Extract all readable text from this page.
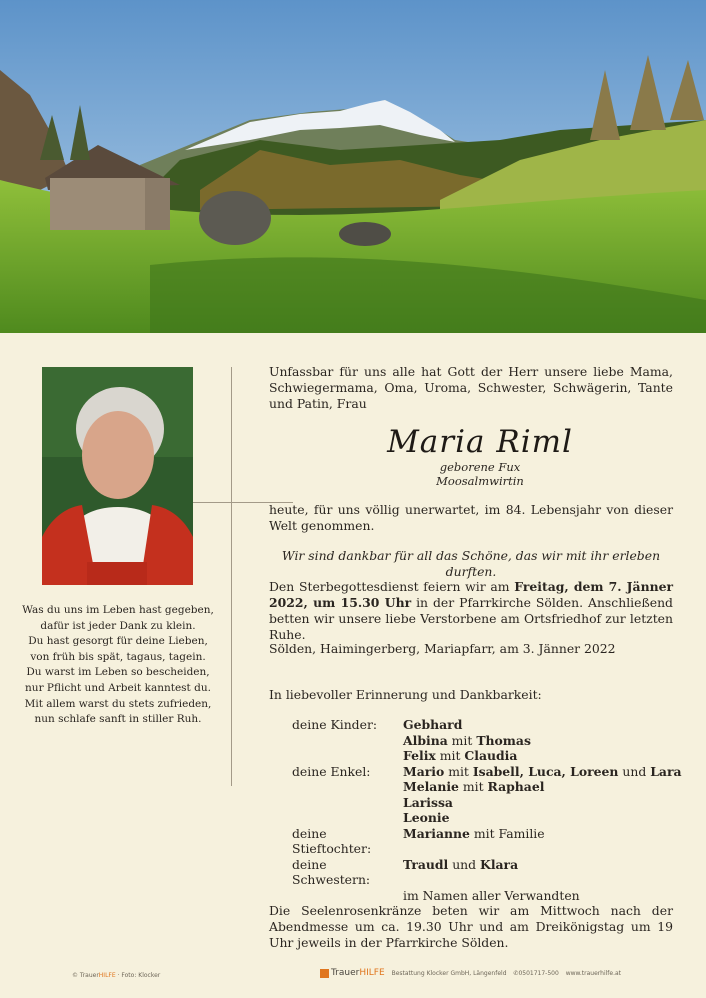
Was du uns im Leben hast gegeben,
dafür ist jeder Dank zu klein.
Du hast gesorgt für deine Lieben,
von früh bis spät, tagaus, tagein.
Du warst im Leben so bescheiden,
nur Pflicht und Arbeit kanntest du.
Mit allem warst du stets zufrieden,
nun schlafe sanft in stiller Ruh.
Unfassbar für uns alle hat Gott der Herr unsere liebe Mama, Schwiegermama, Oma, Uroma, Schwester, Schwägerin, Tante und Patin, Frau
Maria Riml
geborene Fux
Moosalmwirtin
heute, für uns völlig unerwartet, im 84. Lebensjahr von dieser Welt genommen.
Wir sind dankbar für all das Schöne, das wir mit ihr erleben durften.
Den Sterbegottesdienst feiern wir am Freitag, dem 7. Jänner 2022, um 15.30 Uhr in der Pfarrkirche Sölden. Anschließend betten wir unsere liebe Verstorbene am Ortsfriedhof zur letzten Ruhe.
Sölden, Haimingerberg, Mariapfarr, am 3. Jänner 2022
In liebevoller Erinnerung und Dankbarkeit:
deine Kinder:	Gebhard
Albina mit Thomas
Felix mit Claudia
deine Enkel:	Mario mit Isabell, Luca, Loreen und Lara
Melanie mit Raphael
Larissa
Leonie
deine Stieftochter:
Marianne mit Familie
deine Schwestern:
Traudl und Klara
im Namen aller Verwandten
Die Seelenrosenkränze beten wir am Mittwoch nach der Abendmesse um ca. 19.30 Uhr und am Dreikönigstag um 19 Uhr jeweils in der Pfarrkirche Sölden.
© TrauerHILFE · Foto: Klocker	TrauerHILFE Bestattung Klocker GmbH, Längenfeld ✆0501717-500 www.trauerhilfe.at
